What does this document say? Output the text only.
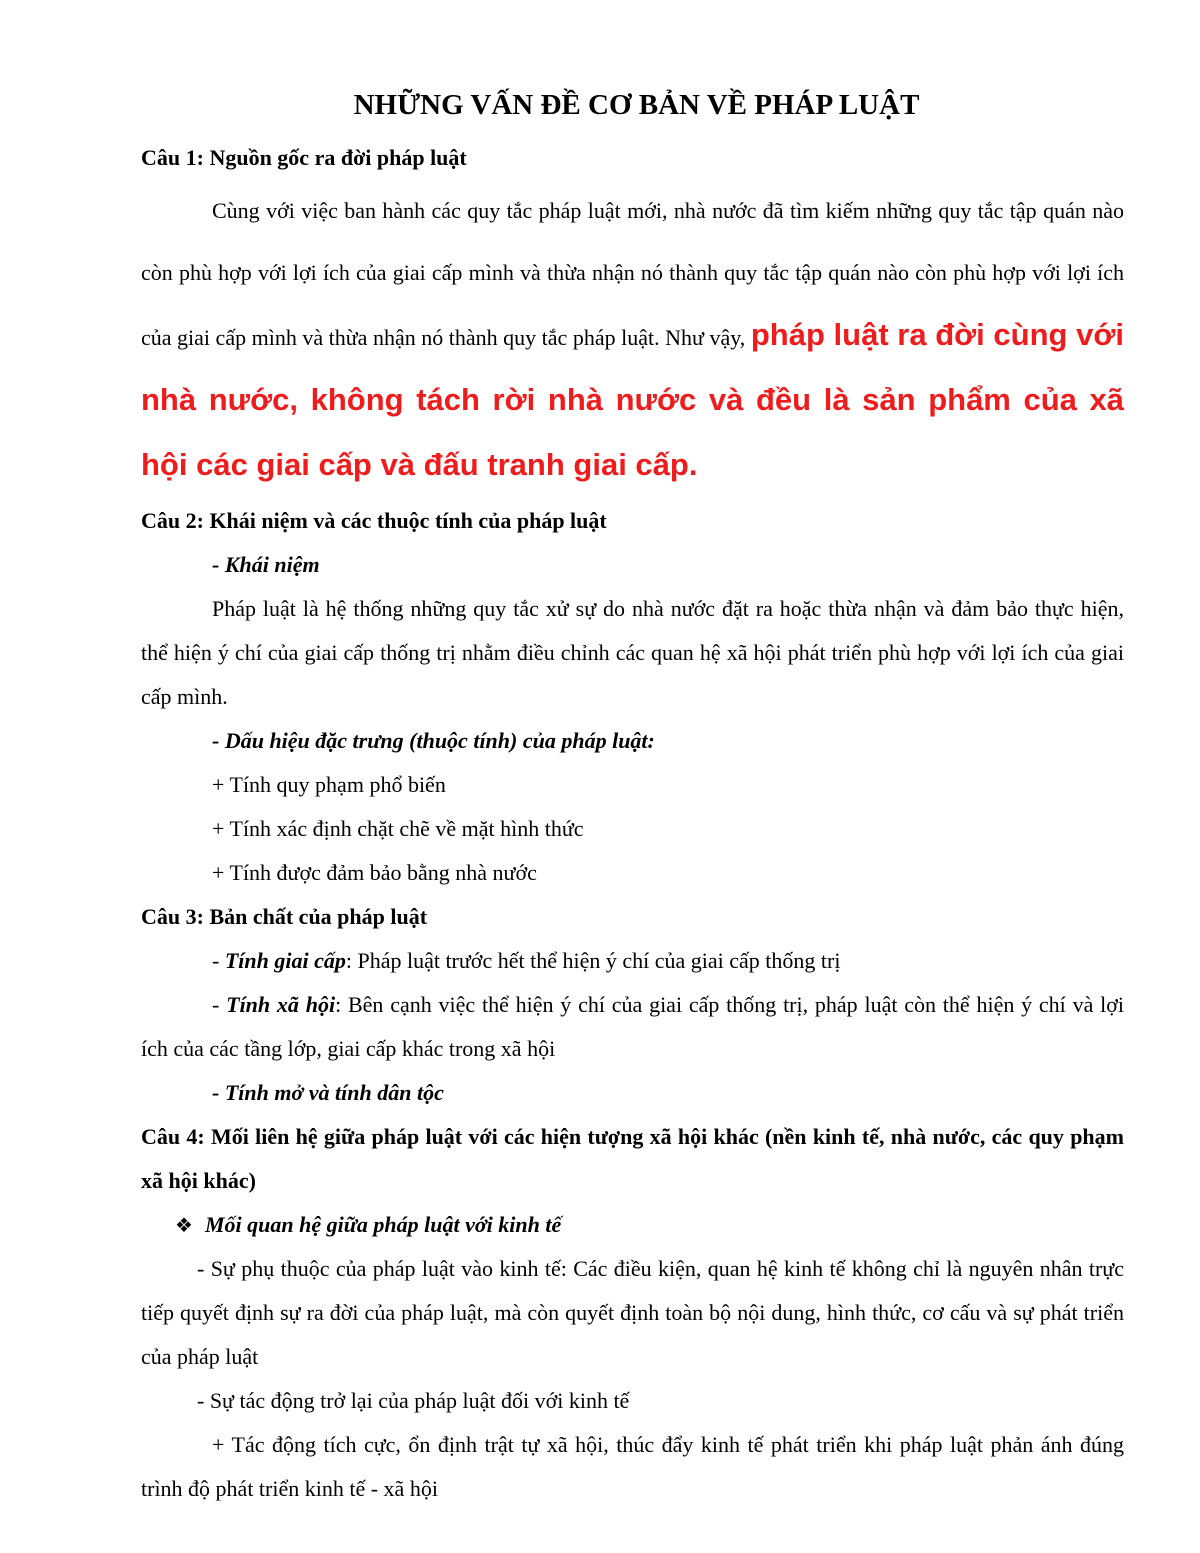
NHỮNG VẤN ĐỀ CƠ BẢN VỀ PHÁP LUẬT

Câu 1: Nguồn gốc ra đời pháp luật

Cùng với việc ban hành các quy tắc pháp luật mới, nhà nước đã tìm kiếm những quy tắc tập quán nào còn phù hợp với lợi ích của giai cấp mình và thừa nhận nó thành quy tắc tập quán nào còn phù hợp với lợi ích của giai cấp mình và thừa nhận nó thành quy tắc pháp luật. Như vậy, pháp luật ra đời cùng với nhà nước, không tách rời nhà nước và đều là sản phẩm của xã hội các giai cấp và đấu tranh giai cấp.

Câu 2: Khái niệm và các thuộc tính của pháp luật

- Khái niệm

Pháp luật là hệ thống những quy tắc xử sự do nhà nước đặt ra hoặc thừa nhận và đảm bảo thực hiện, thể hiện ý chí của giai cấp thống trị nhằm điều chỉnh các quan hệ xã hội phát triển phù hợp với lợi ích của giai cấp mình.

- Dấu hiệu đặc trưng (thuộc tính) của pháp luật:

+ Tính quy phạm phổ biến

+ Tính xác định chặt chẽ về mặt hình thức

+ Tính được đảm bảo bằng nhà nước

Câu 3: Bản chất của pháp luật

- Tính giai cấp: Pháp luật trước hết thể hiện ý chí của giai cấp thống trị

- Tính xã hội: Bên cạnh việc thể hiện ý chí của giai cấp thống trị, pháp luật còn thể hiện ý chí và lợi ích của các tầng lớp, giai cấp khác trong xã hội

- Tính mở và tính dân tộc

Câu 4: Mối liên hệ giữa pháp luật với các hiện tượng xã hội khác (nền kinh tế, nhà nước, các quy phạm xã hội khác)

❖ Mối quan hệ giữa pháp luật với kinh tế

- Sự phụ thuộc của pháp luật vào kinh tế: Các điều kiện, quan hệ kinh tế không chỉ là nguyên nhân trực tiếp quyết định sự ra đời của pháp luật, mà còn quyết định toàn bộ nội dung, hình thức, cơ cấu và sự phát triển của pháp luật

- Sự tác động trở lại của pháp luật đối với kinh tế

+ Tác động tích cực, ổn định trật tự xã hội, thúc đẩy kinh tế phát triển khi pháp luật phản ánh đúng trình độ phát triển kinh tế - xã hội
